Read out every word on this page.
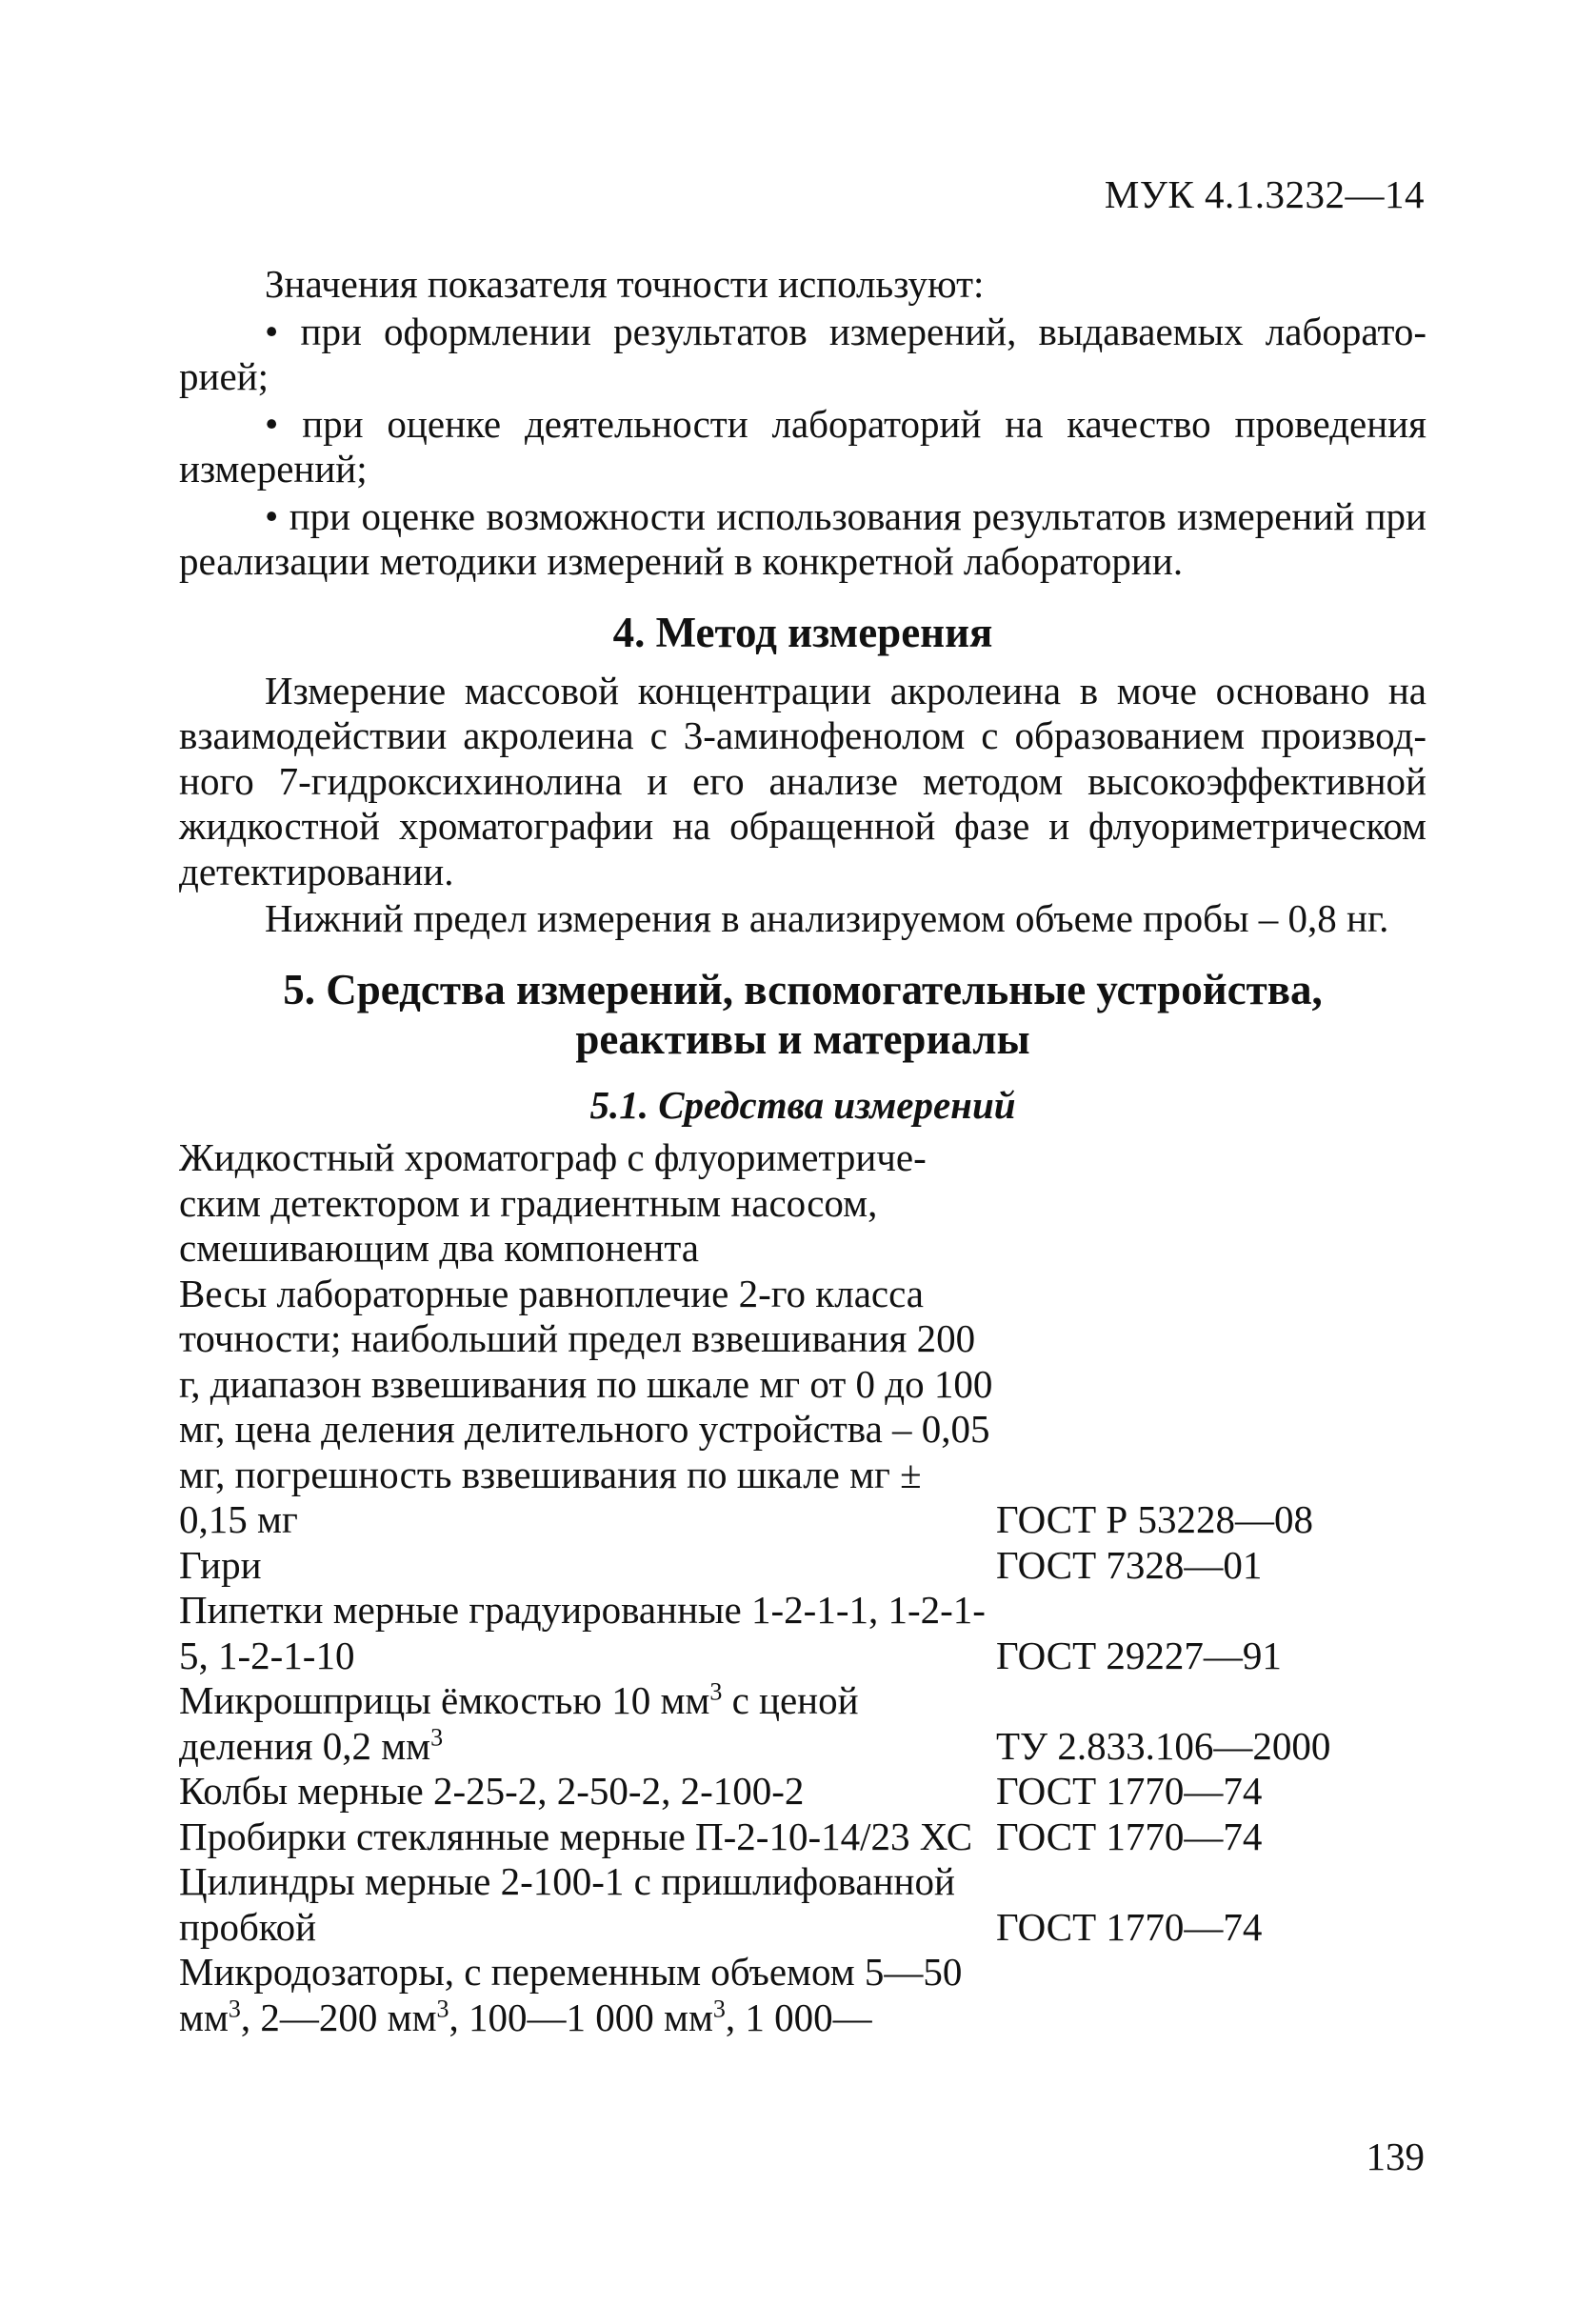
МУК 4.1.3232—14

Значения показателя точности используют:

• при оформлении результатов измерений, выдаваемых лабораторией;

• при оценке деятельности лабораторий на качество проведения измерений;

• при оценке возможности использования результатов измерений при реализации методики измерений в конкретной лаборатории.

4. Метод измерения

Измерение массовой концентрации акролеина в моче основано на взаимодействии акролеина с 3-аминофенолом с образованием производного 7-гидроксихинолина и его анализе методом высокоэффективной жидкостной хроматографии на обращенной фазе и флуориметрическом детектировании.

Нижний предел измерения в анализируемом объеме пробы – 0,8 нг.

5. Средства измерений, вспомогательные устройства,
реактивы и материалы
5.1. Средства измерений
Жидкостный хроматограф с флуориметрическим детектором и градиентным насосом, смешивающим два компонента
Весы лабораторные равноплечие 2-го класса точности; наибольший предел взвешивания 200 г, диапазон взвешивания по шкале мг от 0 до 100 мг, цена деления делительного устройства – 0,05 мг, погрешность взвешивания по шкале мг ± 0,15 мг	ГОСТ Р 53228—08
Гири	ГОСТ 7328—01
Пипетки мерные градуированные 1-2-1-1, 1-2-1-5, 1-2-1-10	ГОСТ 29227—91
Микрошприцы ёмкостью 10 $мм^3$ с ценой деления 0,2 $мм^3$	ТУ 2.833.106—2000
Колбы мерные 2-25-2, 2-50-2, 2-100-2	ГОСТ 1770—74
Пробирки стеклянные мерные П-2-10-14/23 ХС ГОСТ 1770—74
Цилиндры мерные 2-100-1 с пришлифованной пробкой	ГОСТ 1770—74
Микродозаторы, с переменным объемом 5—50 $мм^3$, 2—200 $мм^3$, 100—1 000 $мм^3$, 1 000—
139
